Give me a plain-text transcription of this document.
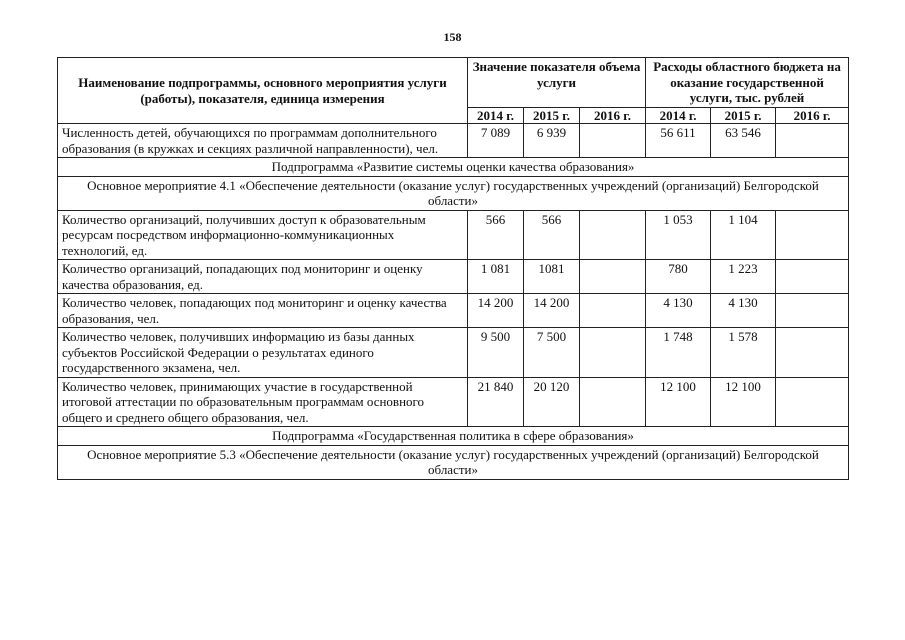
158
Наименование подпрограммы, основного мероприятия услуги (работы), показателя, единица измерения	Значение показателя объема услуги			Расходы областного бюджета на оказание государственной услуги, тыс. рублей		
	2014 г.	2015 г.	2016 г.	2014 г.	2015 г.	2016 г.
Численность детей, обучающихся по программам дополнительного образования (в кружках и секциях различной направленности), чел.	7 089	6 939		56 611	63 546	
Подпрограмма «Развитие системы оценки качества образования»						
Основное мероприятие 4.1 «Обеспечение деятельности (оказание услуг) государственных учреждений (организаций) Белгородской области»						
Количество организаций, получивших доступ к образовательным ресурсам посредством информационно-коммуникационных технологий, ед.	566	566		1 053	1 104	
Количество организаций, попадающих под мониторинг и оценку качества образования, ед.	1 081	1081		780	1 223	
Количество человек, попадающих под мониторинг и оценку качества образования, чел.	14 200	14 200		4 130	4 130	
Количество человек, получивших информацию из базы данных субъектов Российской Федерации о результатах единого государственного экзамена, чел.	9 500	7 500		1 748	1 578	
Количество человек, принимающих участие в государственной итоговой аттестации по образовательным программам основного общего и среднего общего образования, чел.	21 840	20 120		12 100	12 100	
Подпрограмма «Государственная политика в сфере образования»						
Основное мероприятие 5.3 «Обеспечение деятельности (оказание услуг) государственных учреждений (организаций) Белгородской области»						
